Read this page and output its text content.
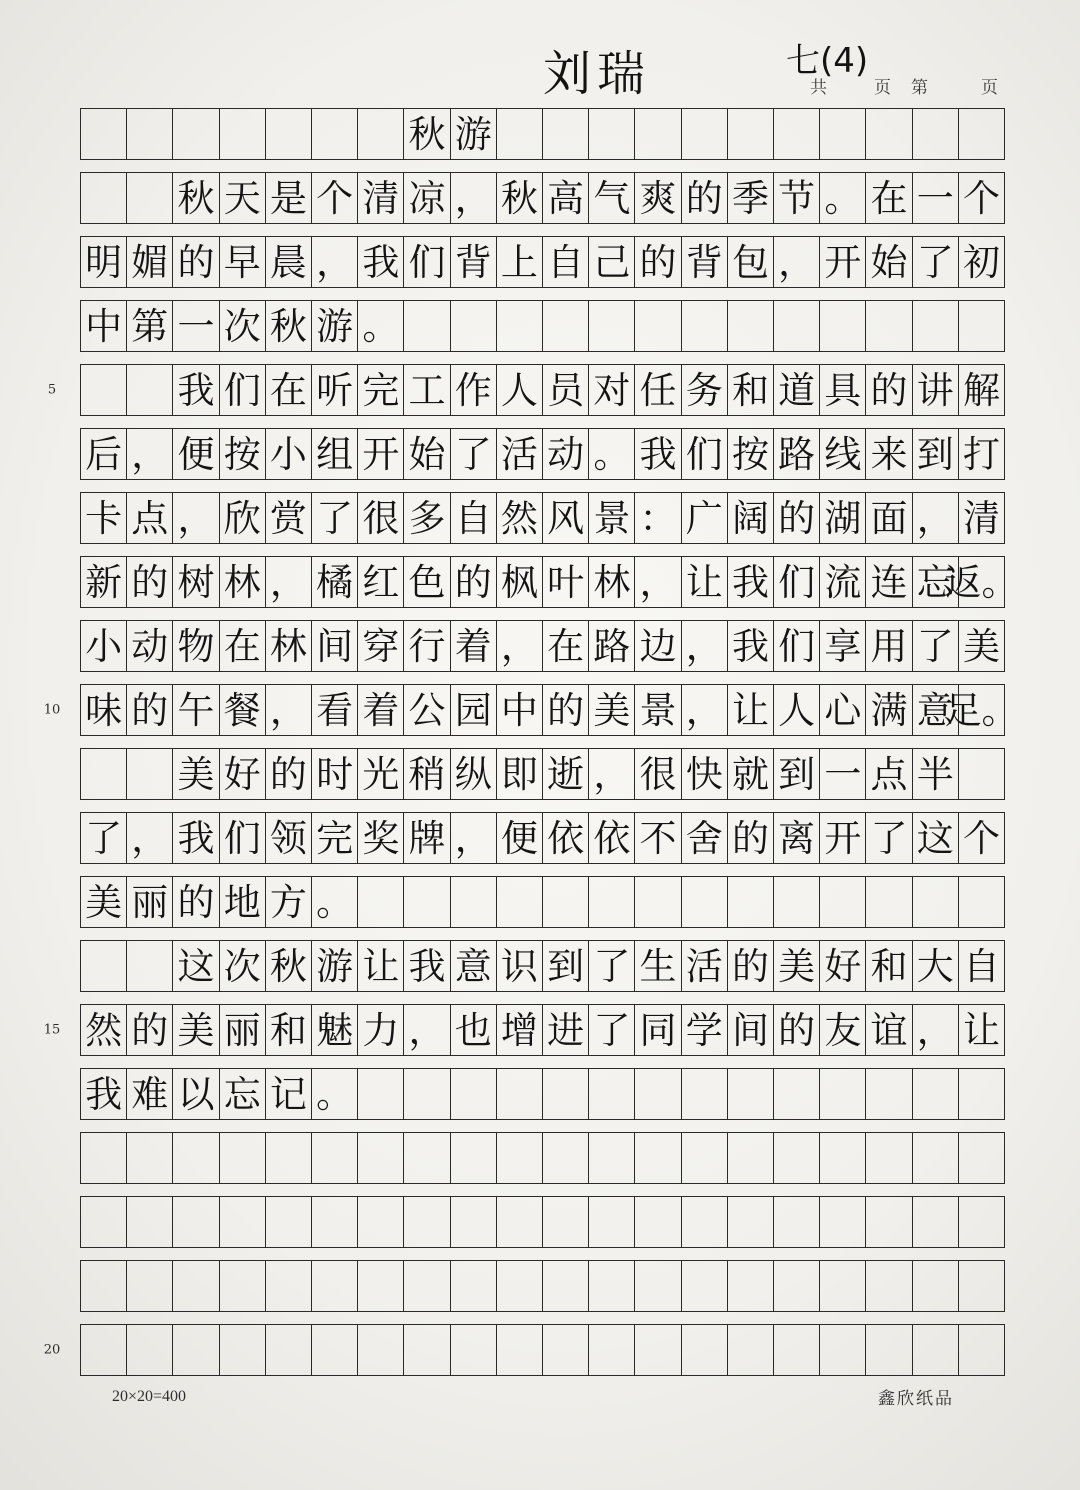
刘瑞	七(4)
共	页 第	页
秋 游
秋 天 是 个 清 凉 ， 秋 高 气 爽 的 季 节 。 在 一 个
明 媚 的 早 晨 ， 我 们 背 上 自 己 的 背 包 ， 开 始 了 初
中 第 一 次 秋 游 。
我 们 在 听 完 工 作 人 员 对 任 务 和 道 具 的 讲 解
5
后 ， 便 按 小 组 开 始 了 活 动 。 我 们 按 路 线 来 到 打
卡 点 ， 欣 赏 了 很 多 自 然 风 景 ： 广 阔 的 湖 面 ， 清
新 的 树 林 ， 橘 红 色 的 枫 叶 林 ， 让 我 们 流 连 忘
返。
小 动 物 在 林 间 穿 行 着 ， 在 路 边 ， 我 们 享 用 了 美
味 的 午 餐 ， 看 着 公 园 中 的 美 景 ， 让 人 心 满 意
足。
10
美 好 的 时 光 稍 纵 即 逝 ， 很 快 就 到 一 点 半
了 ， 我 们 领 完 奖 牌 ， 便 依 依 不 舍 的 离 开 了 这 个
美 丽 的 地 方 。
这 次 秋 游 让 我 意 识 到 了 生 活 的 美 好 和 大 自
然 的 美 丽 和 魅 力 ， 也 增 进 了 同 学 间 的 友 谊 ， 让
15
我 难 以 忘 记 。
20
20×20=400	鑫欣纸品
